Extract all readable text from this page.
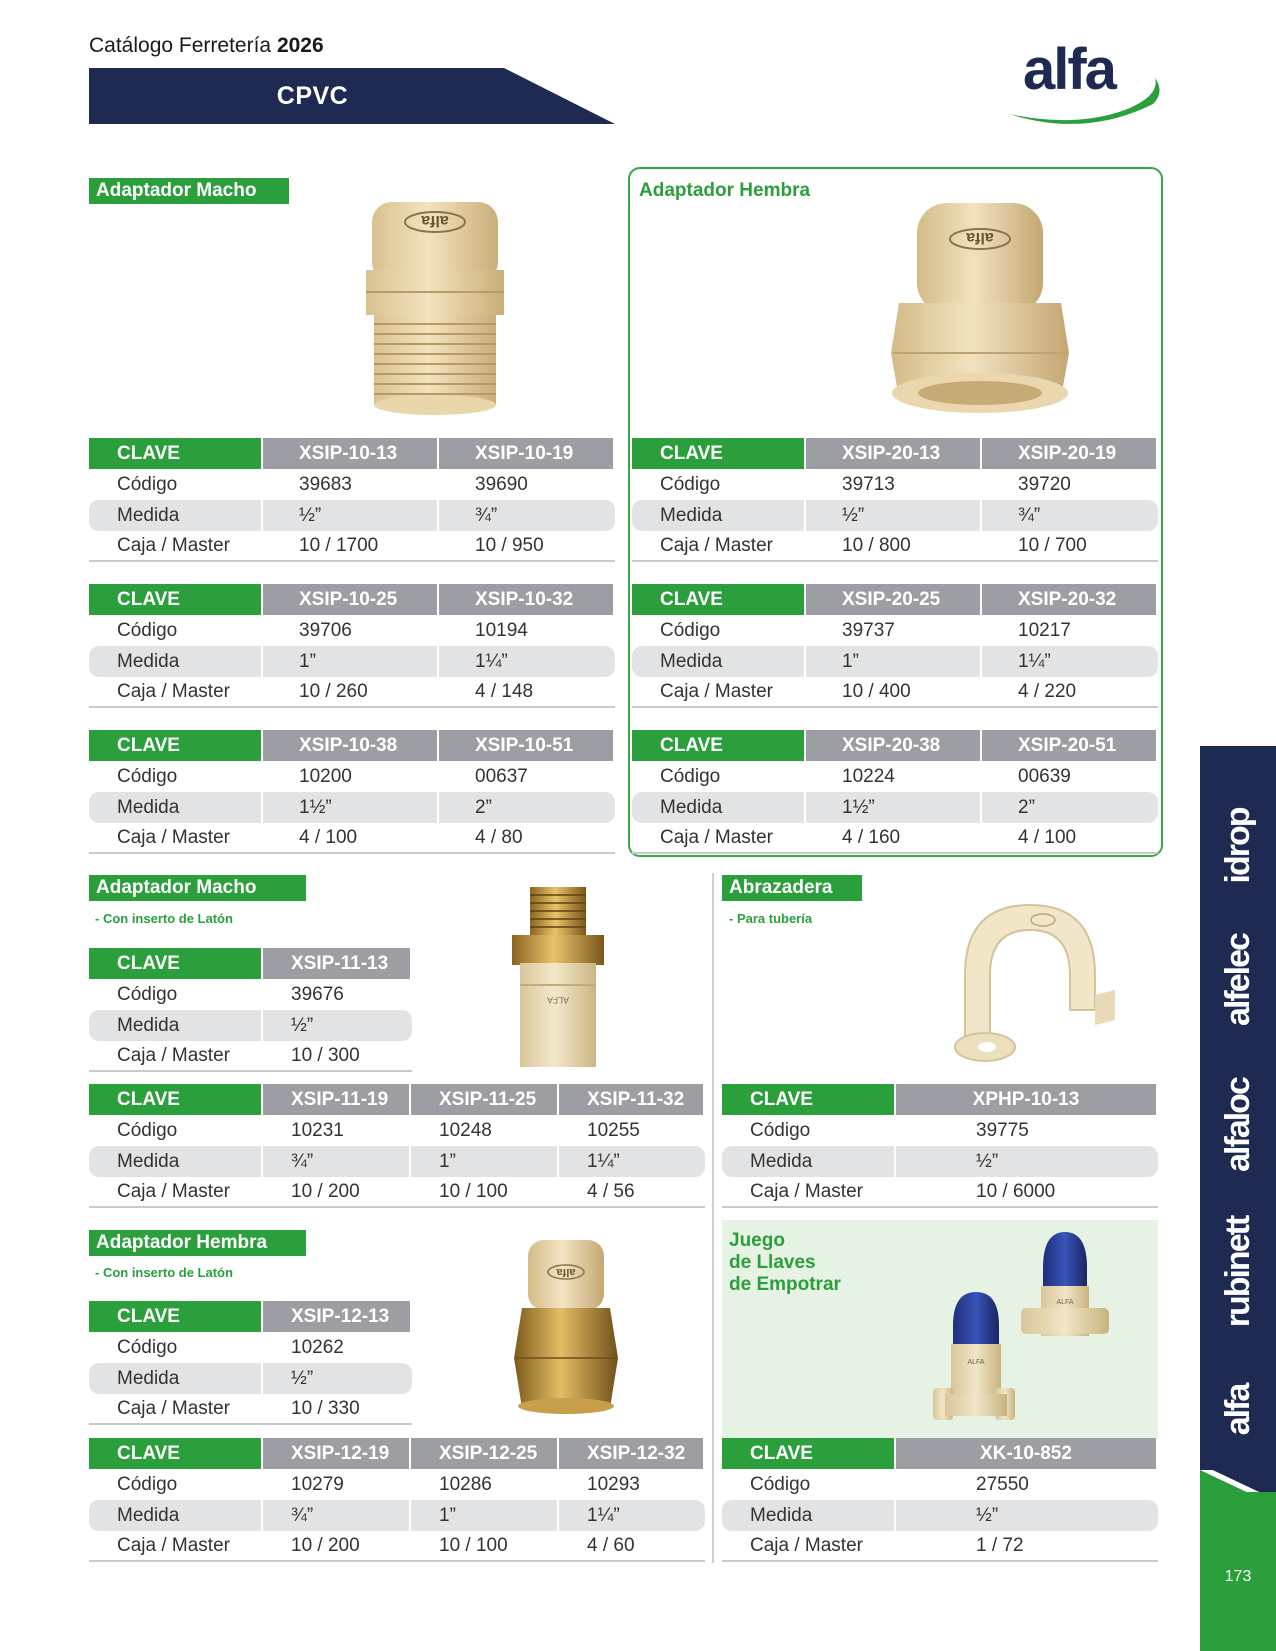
Catálogo Ferretería 2026
CPVC	alfa
Adaptador Macho
alfa
Adaptador Hembra
alfa
CLAVE	XSIP-10-13	XSIP-10-19
Código	39683	39690
Medida	½”	¾”
Caja / Master	10 / 1700	10 / 950
CLAVE	XSIP-10-25	XSIP-10-32
Código	39706	10194
Medida	1”	1¼”
Caja / Master	10 / 260	4 / 148
CLAVE	XSIP-10-38	XSIP-10-51
Código	10200	00637
Medida	1½”	2”
Caja / Master	4 / 100	4 / 80
CLAVE	XSIP-20-13	XSIP-20-19
Código	39713	39720
Medida	½”	¾”
Caja / Master	10 / 800	10 / 700
CLAVE	XSIP-20-25	XSIP-20-32
Código	39737	10217
Medida	1”	1¼”
Caja / Master	10 / 400	4 / 220
CLAVE	XSIP-20-38	XSIP-20-51
Código	10224	00639
Medida	1½”	2”
Caja / Master	4 / 160	4 / 100
Adaptador Macho
- Con inserto de Latón
ALFA
CLAVE	XSIP-11-13
Código	39676
Medida	½”
Caja / Master	10 / 300
CLAVE	XSIP-11-19	XSIP-11-25	XSIP-11-32
Código	10231	10248	10255
Medida	¾”	1”	1¼”
Caja / Master	10 / 200	10 / 100	4 / 56
Adaptador Hembra
- Con inserto de Latón	alfa
CLAVE	XSIP-12-13
Código	10262
Medida	½”
Caja / Master	10 / 330
CLAVE	XSIP-12-19	XSIP-12-25	XSIP-12-32
Código	10279	10286	10293
Medida	¾”	1”	1¼”
Caja / Master	10 / 200	10 / 100	4 / 60
Abrazadera
- Para tubería
CLAVE	XPHP-10-13
Código	39775
Medida	½”
Caja / Master	10 / 6000
Juego
de Llaves
de Empotrar
ALFA
ALFA
CLAVE	XK-10-852
Código	27550
Medida	½”
Caja / Master	1 / 72
idrop
alfelec
alfaloc
rubinett
alfa
173
